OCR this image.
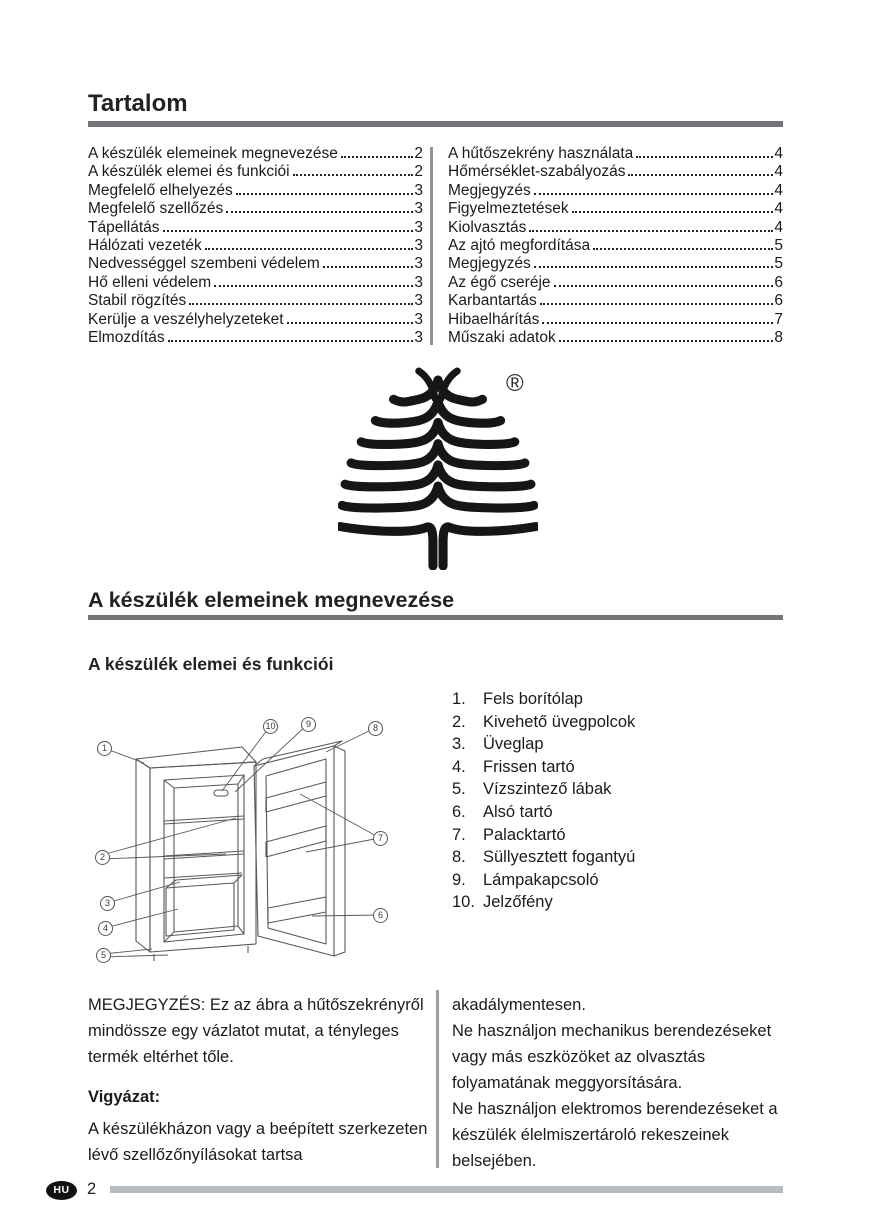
Tartalom
A készülék elemeinek megnevezése	2
A készülék elemei és funkciói	2
Megfelelő elhelyezés	3
Megfelelő szellőzés	3
Tápellátás	3
Hálózati vezeték	3
Nedvességgel szembeni védelem	3
Hő elleni védelem	3
Stabil rögzítés	3
Kerülje a veszélyhelyzeteket	3
Elmozdítás	3
A hűtőszekrény használata	4
Hőmérséklet-szabályozás	4
Megjegyzés	4
Figyelmeztetések	4
Kiolvasztás	4
Az ajtó megfordítása	5
Megjegyzés	5
Az égő cseréje	6
Karbantartás	6
Hibaelhárítás	7
Műszaki adatok	8
®
A készülék elemeinek megnevezése
A készülék elemei és funkciói
1
2
3
4
5
10	9	8
7
6
1. Fels borítólap
2. Kivehető üvegpolcok
3. Üveglap
4. Frissen tartó
5. Vízszintező lábak
6. Alsó tartó
7. Palacktartó
8. Süllyesztett fogantyú
9. Lámpakapcsoló
10. Jelzőfény

MEGJEGYZÉS: Ez az ábra a hűtőszekrényről mindössze egy vázlatot mutat, a tényleges termék eltérhet tőle.

Vigyázat:

A készülékházon vagy a beépített szerkezeten lévő szellőzőnyílásokat tartsa

akadálymentesen.

Ne használjon mechanikus berendezéseket vagy más eszközöket az olvasztás folyamatának meggyorsítására.

Ne használjon elektromos berendezéseket a készülék élelmiszertároló rekeszeinek belsejében.

HU	2
